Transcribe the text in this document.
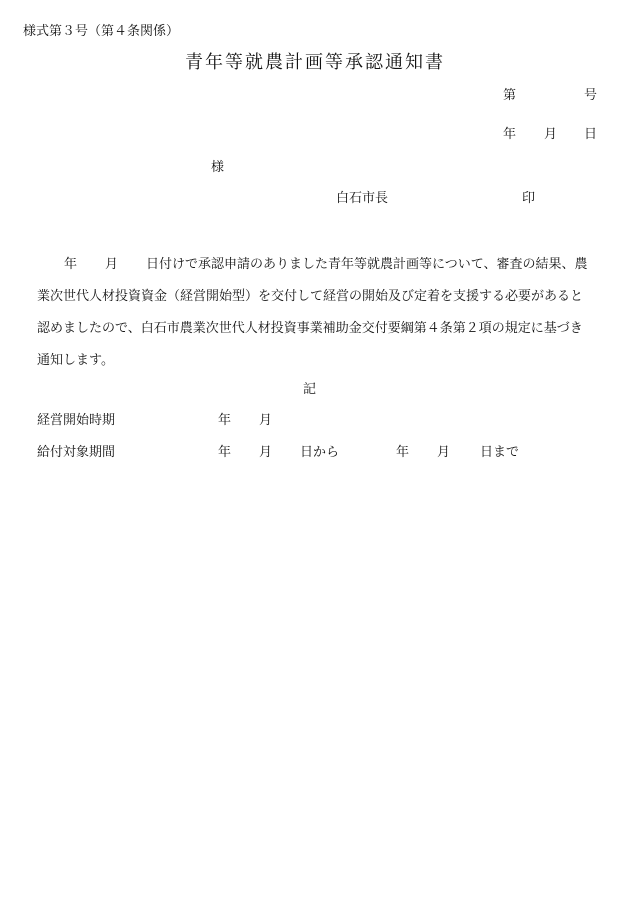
様式第３号（第４条関係）
青年等就農計画等承認通知書
第	号
年 月 日
様
白石市長	印
年 月 日付けで承認申請のありました青年等就農計画等について、審査の結果、農
業次世代人材投資資金（経営開始型）を交付して経営の開始及び定着を支援する必要があると
認めましたので、白石市農業次世代人材投資事業補助金交付要綱第４条第２項の規定に基づき
通知します。
記
経営開始時期	年 月
給付対象期間	年 月 日から	年 月 日まで
